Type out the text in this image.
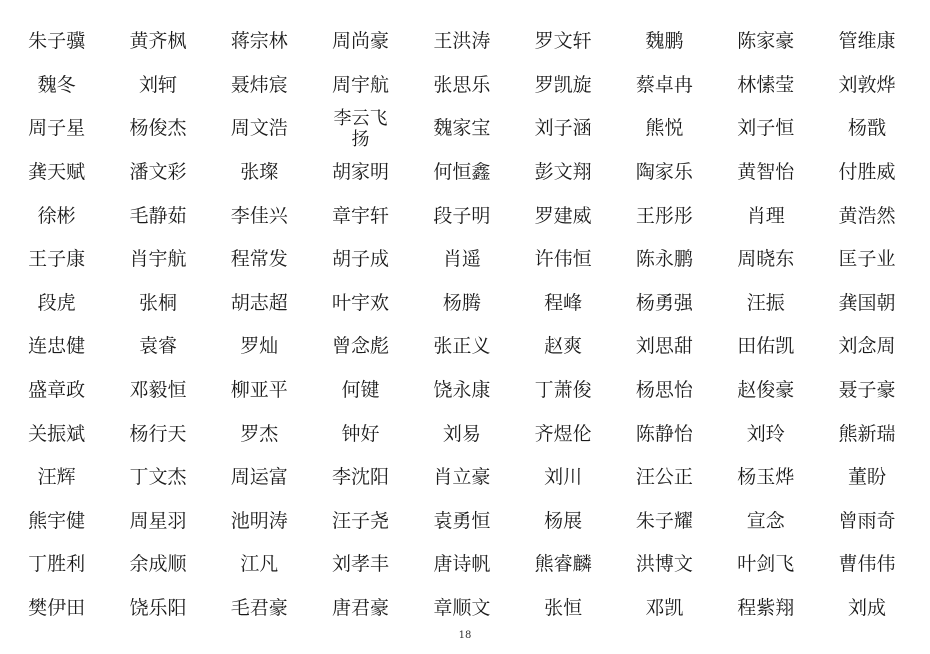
朱子骥	黄齐枫	蒋宗林	周尚豪	王洪涛	罗文轩	魏鹏	陈家豪	管维康
魏冬	刘轲	聂炜宸	周宇航	张思乐	罗凯旋	蔡卓冉	林愫莹	刘敦烨
周子星	杨俊杰	周文浩	李云飞扬	魏家宝	刘子涵	熊悦	刘子恒	杨戬
龚天赋	潘文彩	张璨	胡家明	何恒鑫	彭文翔	陶家乐	黄智怡	付胜威
徐彬	毛静茹	李佳兴	章宇轩	段子明	罗建威	王彤彤	肖理	黄浩然
王子康	肖宇航	程常发	胡子成	肖遥	许伟恒	陈永鹏	周晓东	匡子业
段虎	张桐	胡志超	叶宇欢	杨腾	程峰	杨勇强	汪振	龚国朝
连忠健	袁睿	罗灿	曾念彪	张正义	赵爽	刘思甜	田佑凯	刘念周
盛章政	邓毅恒	柳亚平	何键	饶永康	丁萧俊	杨思怡	赵俊豪	聂子豪
关振斌	杨行天	罗杰	钟好	刘易	齐煜伦	陈静怡	刘玲	熊新瑞
汪辉	丁文杰	周运富	李沈阳	肖立豪	刘川	汪公正	杨玉烨	董盼
熊宇健	周星羽	池明涛	汪子尧	袁勇恒	杨展	朱子耀	宣念	曾雨奇
丁胜利	余成顺	江凡	刘孝丰	唐诗帆	熊睿麟	洪博文	叶剑飞	曹伟伟
樊伊田	饶乐阳	毛君豪	唐君豪	章顺文	张恒	邓凯	程紫翔	刘成
18
